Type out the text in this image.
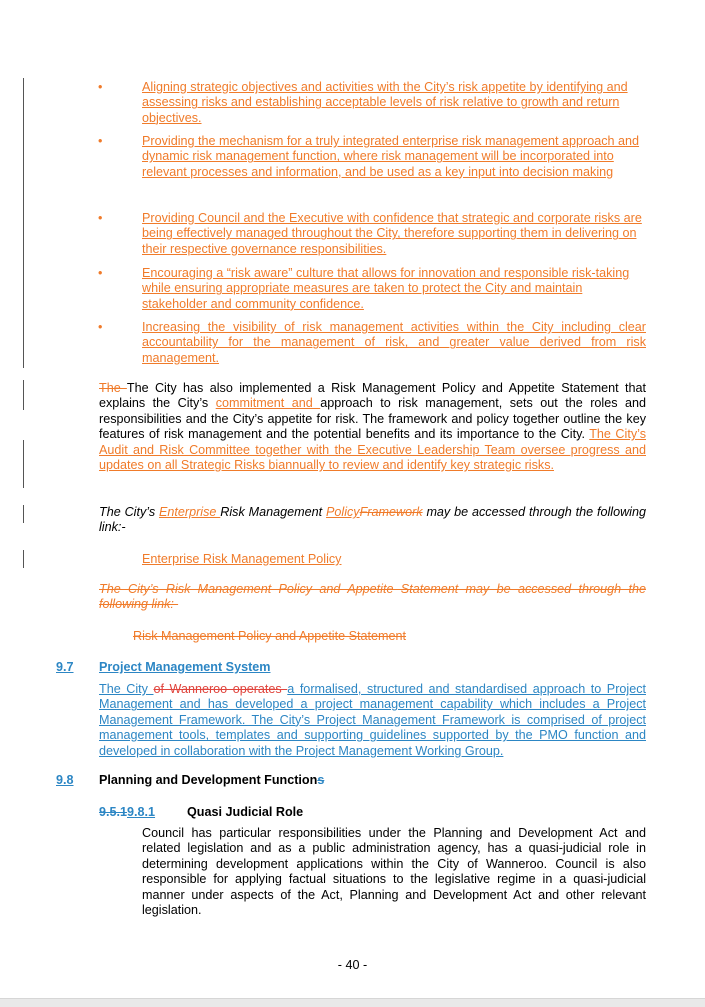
•	Aligning strategic objectives and activities with the City’s risk appetite by identifying and assessing risks and establishing acceptable levels of risk relative to growth and return objectives.
•	Providing the mechanism for a truly integrated enterprise risk management approach and dynamic risk management function, where risk management will be incorporated into relevant processes and information, and be used as a key input into decision making
•	Providing Council and the Executive with confidence that strategic and corporate risks are being effectively managed throughout the City, therefore supporting them in delivering on their respective governance responsibilities.
•	Encouraging a “risk aware” culture that allows for innovation and responsible risk-taking while ensuring appropriate measures are taken to protect the City and maintain stakeholder and community confidence.
•	Increasing the visibility of risk management activities within the City including clear accountability for the management of risk, and greater value derived from risk management.
The The City has also implemented a Risk Management Policy and Appetite Statement that explains the City’s commitment and approach to risk management, sets out the roles and responsibilities and the City’s appetite for risk. The framework and policy together outline the key features of risk management and the potential benefits and its importance to the City. The City’s Audit and Risk Committee together with the Executive Leadership Team oversee progress and updates on all Strategic Risks biannually to review and identify key strategic risks.
The City’s Enterprise Risk Management PolicyFramework may be accessed through the following link:-
Enterprise Risk Management Policy
The City’s Risk Management Policy and Appetite Statement may be accessed through the following link:-
Risk Management Policy and Appetite Statement
9.7 Project Management System
The City of Wanneroo operates a formalised, structured and standardised approach to Project Management and has developed a project management capability which includes a Project Management Framework. The City’s Project Management Framework is comprised of project management tools, templates and supporting guidelines supported by the PMO function and developed in collaboration with the Project Management Working Group.
9.8	Planning and Development Functions
9.5.19.8.1	Quasi Judicial Role
Council has particular responsibilities under the Planning and Development Act and related legislation and as a public administration agency, has a quasi-judicial role in determining development applications within the City of Wanneroo. Council is also responsible for applying factual situations to the legislative regime in a quasi-judicial manner under aspects of the Act, Planning and Development Act and other relevant legislation.
- 40 -
